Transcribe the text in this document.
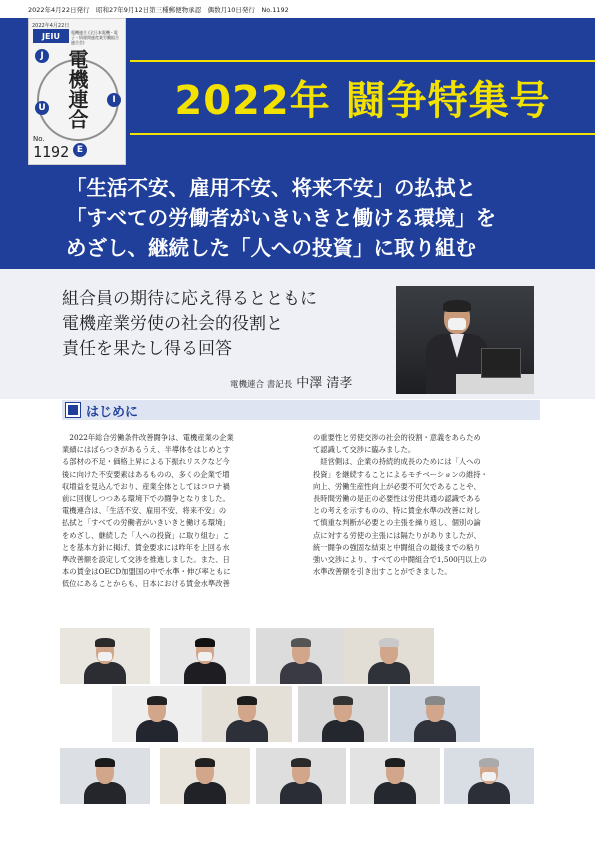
2022年4月22日発行　昭和27年9月12日第三種郵便物承認　偶数月10日発行　No.1192
2022年 闘争特集号
2022年4月22日
JEIU	電機連合 (全日本電機・電子・情報関連産業労働組合連合会)
J
E
I
U 電機連合
No.
1192
「生活不安、雇用不安、将来不安」の払拭と
「すべての労働者がいきいきと働ける環境」を
めざし、継続した「人への投資」に取り組む
組合員の期待に応え得るとともに
電機産業労使の社会的役割と
責任を果たし得る回答
電機連合 書記長 中澤 清孝
はじめに

　2022年総合労働条件改善闘争は、電機産業の企業

業績にはばらつきがあるうえ、半導体をはじめとす

る部材の不足・価格上昇による下振れリスクなど今

後に向けた不安要素はあるものの、多くの企業で増

収増益を見込んでおり、産業全体としてはコロナ禍

前に回復しつつある環境下での闘争となりました。

電機連合は、「生活不安、雇用不安、将来不安」の

払拭と「すべての労働者がいきいきと働ける環境」

をめざし、継続した「人への投資」に取り組む」こ

とを基本方針に掲げ、賃金要求には昨年を上回る水

準改善額を設定して交渉を推進しました。また、日

本の賃金はOECD加盟国の中で水準・伸び率ともに

低位にあることからも、日本における賃金水準改善

の重要性と労使交渉の社会的役割・意義をあらため

て認識して交渉に臨みました。

　経営側は、企業の持続的成長のためには「人への

投資」を継続することによるモチベーションの維持・

向上、労働生産性向上が必要不可欠であることや、

長時間労働の是正の必要性は労使共通の認識である

との考えを示すものの、特に賃金水準の改善に対し

て慎重な判断が必要との主張を繰り返し、個別の論

点に対する労使の主張には隔たりがありましたが、

統一闘争の強固な結束と中闘組合の最後までの粘り

強い交渉により、すべての中闘組合で1,500円以上の

水準改善額を引き出すことができました。
